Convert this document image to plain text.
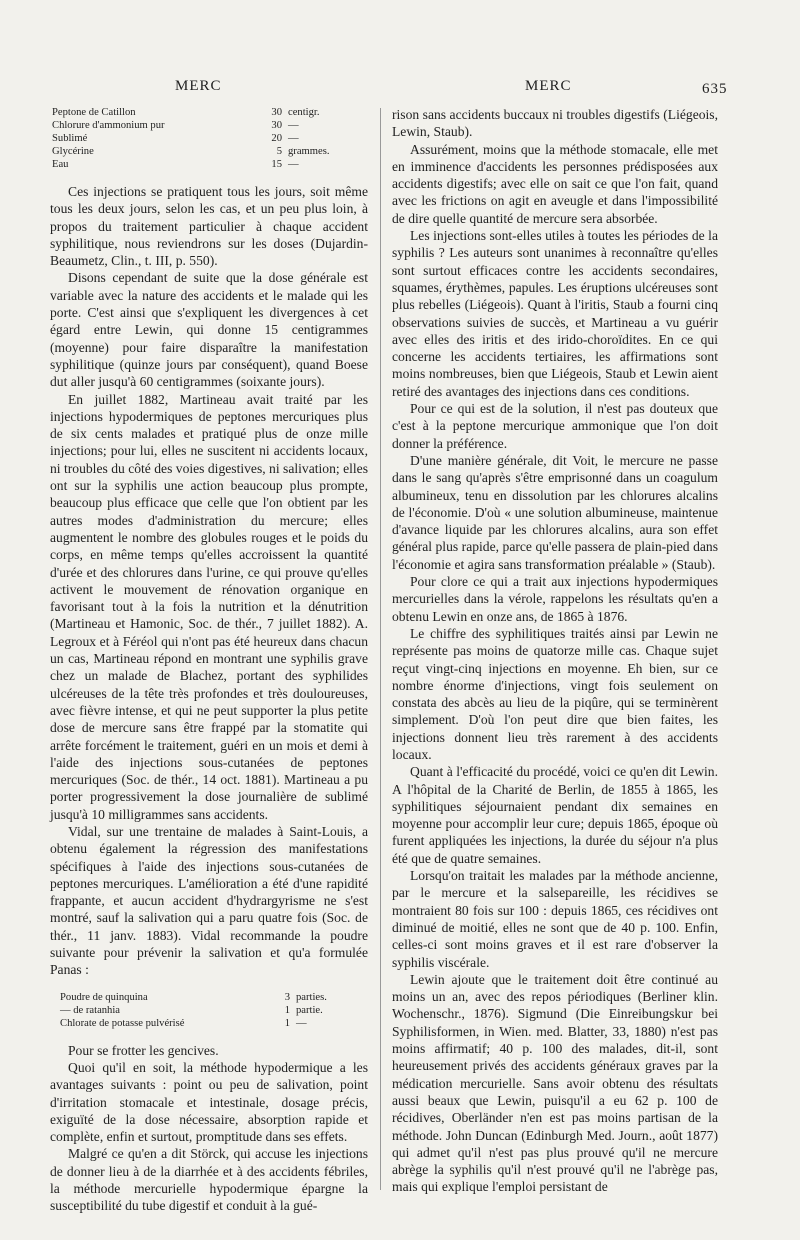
MERC	MERC	635
Peptone de Catillon	30	centigr.
Chlorure d'ammonium pur	30	—
Sublimé	20	—
Glycérine	5	grammes.
Eau	15	—

Ces injections se pratiquent tous les jours, soit même tous les deux jours, selon les cas, et un peu plus loin, à propos du traitement particulier à chaque accident syphilitique, nous reviendrons sur les doses (Dujardin-Beaumetz, Clin., t. III, p. 550).

Disons cependant de suite que la dose générale est variable avec la nature des accidents et le malade qui les porte. C'est ainsi que s'expliquent les divergences à cet égard entre Lewin, qui donne 15 centigrammes (moyenne) pour faire disparaître la manifestation syphilitique (quinze jours par conséquent), quand Boese dut aller jusqu'à 60 centigrammes (soixante jours).

En juillet 1882, Martineau avait traité par les injections hypodermiques de peptones mercuriques plus de six cents malades et pratiqué plus de onze mille injections; pour lui, elles ne suscitent ni accidents locaux, ni troubles du côté des voies digestives, ni salivation; elles ont sur la syphilis une action beaucoup plus prompte, beaucoup plus efficace que celle que l'on obtient par les autres modes d'administration du mercure; elles augmentent le nombre des globules rouges et le poids du corps, en même temps qu'elles accroissent la quantité d'urée et des chlorures dans l'urine, ce qui prouve qu'elles activent le mouvement de rénovation organique en favorisant tout à la fois la nutrition et la dénutrition (Martineau et Hamonic, Soc. de thér., 7 juillet 1882). A. Legroux et à Féréol qui n'ont pas été heureux dans chacun un cas, Martineau répond en montrant une syphilis grave chez un malade de Blachez, portant des syphilides ulcéreuses de la tête très profondes et très douloureuses, avec fièvre intense, et qui ne peut supporter la plus petite dose de mercure sans être frappé par la stomatite qui arrête forcément le traitement, guéri en un mois et demi à l'aide des injections sous-cutanées de peptones mercuriques (Soc. de thér., 14 oct. 1881). Martineau a pu porter progressivement la dose journalière de sublimé jusqu'à 10 milligrammes sans accidents.

Vidal, sur une trentaine de malades à Saint-Louis, a obtenu également la régression des manifestations spécifiques à l'aide des injections sous-cutanées de peptones mercuriques. L'amélioration a été d'une rapidité frappante, et aucun accident d'hydrargyrisme ne s'est montré, sauf la salivation qui a paru quatre fois (Soc. de thér., 11 janv. 1883). Vidal recommande la poudre suivante pour prévenir la salivation et qu'a formulée Panas :

Poudre de quinquina	3	parties.
— de ratanhia	1	partie.
Chlorate de potasse pulvérisé	1	—

Pour se frotter les gencives.

Quoi qu'il en soit, la méthode hypodermique a les avantages suivants : point ou peu de salivation, point d'irritation stomacale et intestinale, dosage précis, exiguïté de la dose nécessaire, absorption rapide et complète, enfin et surtout, promptitude dans ses effets.

Malgré ce qu'en a dit Störck, qui accuse les injections de donner lieu à de la diarrhée et à des accidents fébriles, la méthode mercurielle hypodermique épargne la susceptibilité du tube digestif et conduit à la gué-

rison sans accidents buccaux ni troubles digestifs (Liégeois, Lewin, Staub).

Assurément, moins que la méthode stomacale, elle met en imminence d'accidents les personnes prédisposées aux accidents digestifs; avec elle on sait ce que l'on fait, quand avec les frictions on agit en aveugle et dans l'impossibilité de dire quelle quantité de mercure sera absorbée.

Les injections sont-elles utiles à toutes les périodes de la syphilis ? Les auteurs sont unanimes à reconnaître qu'elles sont surtout efficaces contre les accidents secondaires, squames, érythèmes, papules. Les éruptions ulcéreuses sont plus rebelles (Liégeois). Quant à l'iritis, Staub a fourni cinq observations suivies de succès, et Martineau a vu guérir avec elles des iritis et des irido-choroïdites. En ce qui concerne les accidents tertiaires, les affirmations sont moins nombreuses, bien que Liégeois, Staub et Lewin aient retiré des avantages des injections dans ces conditions.

Pour ce qui est de la solution, il n'est pas douteux que c'est à la peptone mercurique ammonique que l'on doit donner la préférence.

D'une manière générale, dit Voit, le mercure ne passe dans le sang qu'après s'être emprisonné dans un coagulum albumineux, tenu en dissolution par les chlorures alcalins de l'économie. D'où « une solution albumineuse, maintenue d'avance liquide par les chlorures alcalins, aura son effet général plus rapide, parce qu'elle passera de plain-pied dans l'économie et agira sans transformation préalable » (Staub).

Pour clore ce qui a trait aux injections hypodermiques mercurielles dans la vérole, rappelons les résultats qu'en a obtenu Lewin en onze ans, de 1865 à 1876.

Le chiffre des syphilitiques traités ainsi par Lewin ne représente pas moins de quatorze mille cas. Chaque sujet reçut vingt-cinq injections en moyenne. Eh bien, sur ce nombre énorme d'injections, vingt fois seulement on constata des abcès au lieu de la piqûre, qui se terminèrent simplement. D'où l'on peut dire que bien faites, les injections donnent lieu très rarement à des accidents locaux.

Quant à l'efficacité du procédé, voici ce qu'en dit Lewin. A l'hôpital de la Charité de Berlin, de 1855 à 1865, les syphilitiques séjournaient pendant dix semaines en moyenne pour accomplir leur cure; depuis 1865, époque où furent appliquées les injections, la durée du séjour n'a plus été que de quatre semaines.

Lorsqu'on traitait les malades par la méthode ancienne, par le mercure et la salsepareille, les récidives se montraient 80 fois sur 100 : depuis 1865, ces récidives ont diminué de moitié, elles ne sont que de 40 p. 100. Enfin, celles-ci sont moins graves et il est rare d'observer la syphilis viscérale.

Lewin ajoute que le traitement doit être continué au moins un an, avec des repos périodiques (Berliner klin. Wochenschr., 1876). Sigmund (Die Einreibungskur bei Syphilisformen, in Wien. med. Blatter, 33, 1880) n'est pas moins affirmatif; 40 p. 100 des malades, dit-il, sont heureusement privés des accidents généraux graves par la médication mercurielle. Sans avoir obtenu des résultats aussi beaux que Lewin, puisqu'il a eu 62 p. 100 de récidives, Oberländer n'en est pas moins partisan de la méthode. John Duncan (Edinburgh Med. Journ., août 1877) qui admet qu'il n'est pas plus prouvé qu'il ne mercure abrège la syphilis qu'il n'est prouvé qu'il ne l'abrège pas, mais qui explique l'emploi persistant de
